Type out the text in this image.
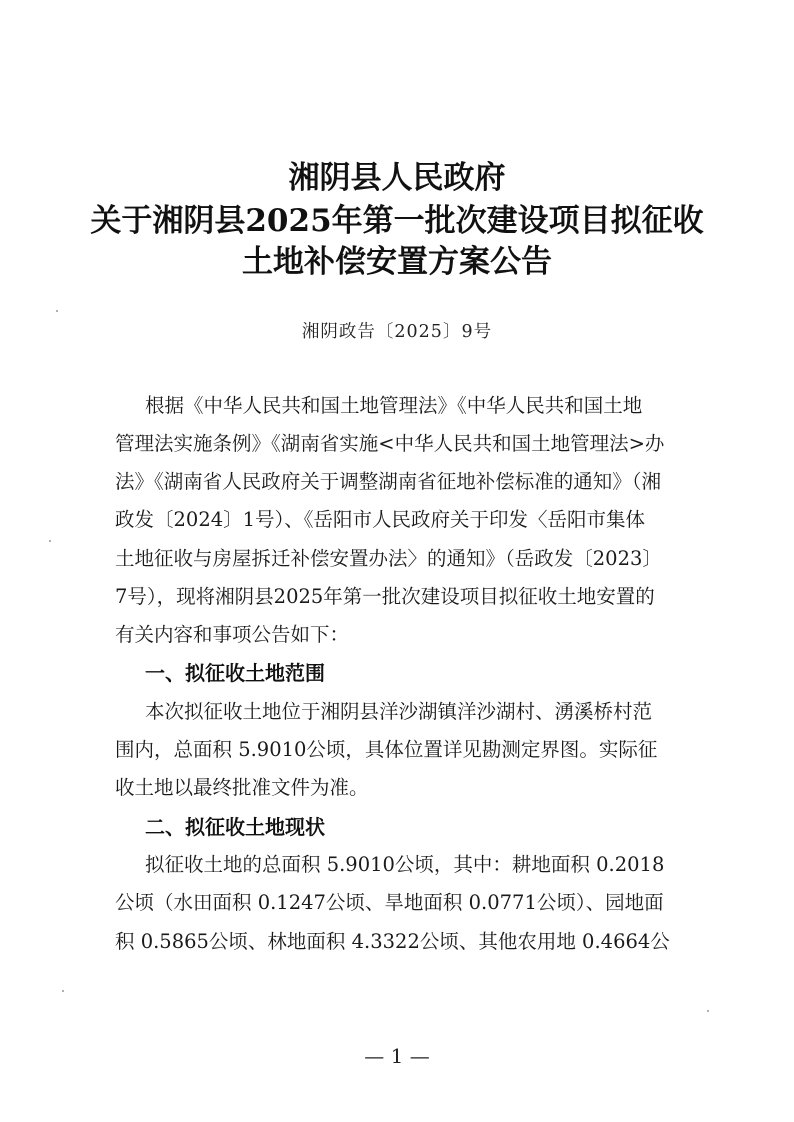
湘阴县人民政府
关于湘阴县2025年第一批次建设项目拟征收
土地补偿安置方案公告
湘阴政告〔2025〕9号
根据《中华人民共和国土地管理法》《中华人民共和国土地
管理法实施条例》《湖南省实施<中华人民共和国土地管理法>办
法》《湖南省人民政府关于调整湖南省征地补偿标准的通知》（湘
政发〔2024〕1号）、《岳阳市人民政府关于印发〈岳阳市集体
土地征收与房屋拆迁补偿安置办法〉的通知》（岳政发〔2023〕
7号），现将湘阴县2025年第一批次建设项目拟征收土地安置的
有关内容和事项公告如下：
一、拟征收土地范围
本次拟征收土地位于湘阴县洋沙湖镇洋沙湖村、湧溪桥村范
围内，总面积 5.9010公顷，具体位置详见勘测定界图。实际征
收土地以最终批准文件为准。
二、拟征收土地现状
拟征收土地的总面积 5.9010公顷，其中：耕地面积 0.2018
公顷（水田面积 0.1247公顷、旱地面积 0.0771公顷）、园地面
积 0.5865公顷、林地面积 4.3322公顷、其他农用地 0.4664公
— 1 —
